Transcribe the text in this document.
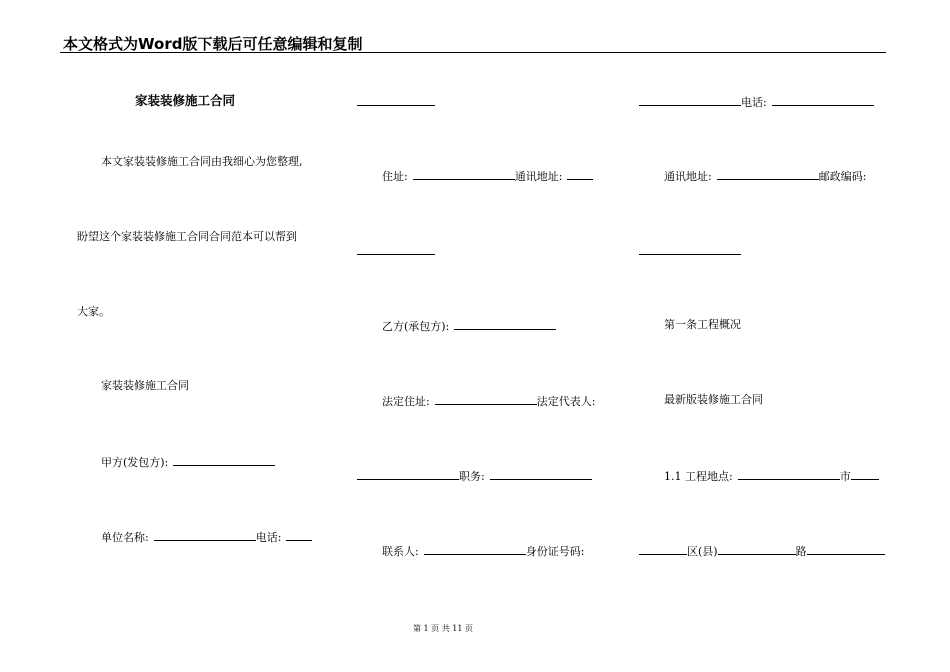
本文格式为Word版下载后可任意编辑和复制
家装装修施工合同
本文家装装修施工合同由我细心为您整理,
盼望这个家装装修施工合同合同范本可以帮到
大家。
家装装修施工合同
甲方(发包方):
单位名称:	电话:
住址:	通讯地址:
乙方(承包方):
法定住址:	法定代表人:
职务:
联系人:	身份证号码:
电话:
通讯地址:	邮政编码:
第一条工程概况
最新版装修施工合同
1.1 工程地点:	市
区(县)	路
第 1 页 共 11 页
